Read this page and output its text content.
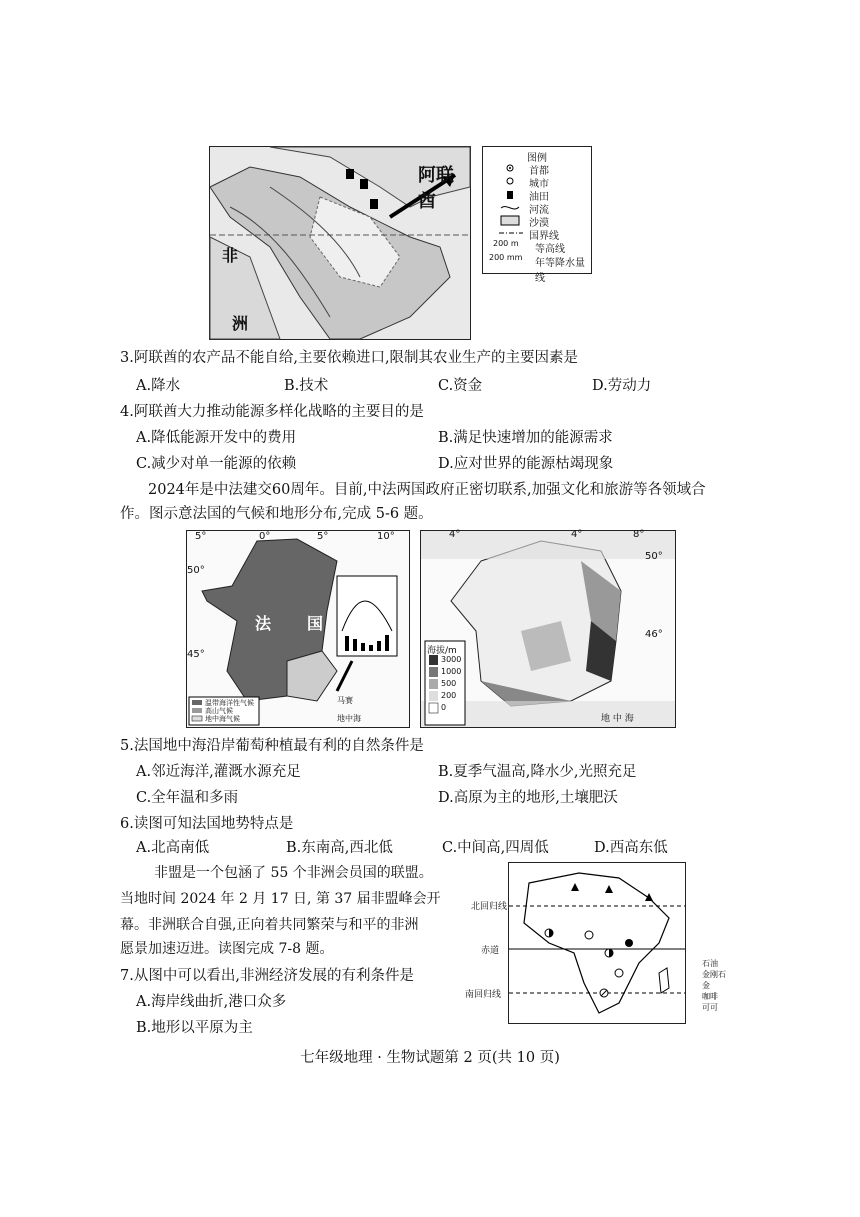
阿联酋
非
洲
图例
首都
城市
油田
河流
沙漠
国界线
等高线
年等降水量线
200 m
200 mm
3.阿联酋的农产品不能自给,主要依赖进口,限制其农业生产的主要因素是
A.降水	B.技术	C.资金	D.劳动力
4.阿联酋大力推动能源多样化战略的主要目的是
A.降低能源开发中的费用	B.满足快速增加的能源需求
C.减少对单一能源的依赖	D.应对世界的能源枯竭现象
2024年是中法建交60周年。目前,中法两国政府正密切联系,加强文化和旅游等各领域合
作。图示意法国的气候和地形分布,完成 5-6 题。
5°	0°	5°	10°
50°
45°
法 国
马赛
地中海
温带海洋性气候
高山气候
地中海气候
4°	4°	8°
50°
46°
海拔/m
3000
1000
500
200
0
地 中 海
5.法国地中海沿岸葡萄种植最有利的自然条件是
A.邻近海洋,灌溉水源充足	B.夏季气温高,降水少,光照充足
C.全年温和多雨	D.高原为主的地形,土壤肥沃
6.读图可知法国地势特点是
A.北高南低	B.东南高,西北低	C.中间高,四周低	D.西高东低
非盟是一个包涵了 55 个非洲会员国的联盟。
当地时间 2024 年 2 月 17 日, 第 37 届非盟峰会开
幕。非洲联合自强,正向着共同繁荣与和平的非洲
愿景加速迈进。读图完成 7-8 题。
北回归线
赤道
南回归线
石油
金刚石
金
咖啡
可可
7.从图中可以看出,非洲经济发展的有利条件是
A.海岸线曲折,港口众多
B.地形以平原为主
七年级地理 · 生物试题第 2 页(共 10 页)
